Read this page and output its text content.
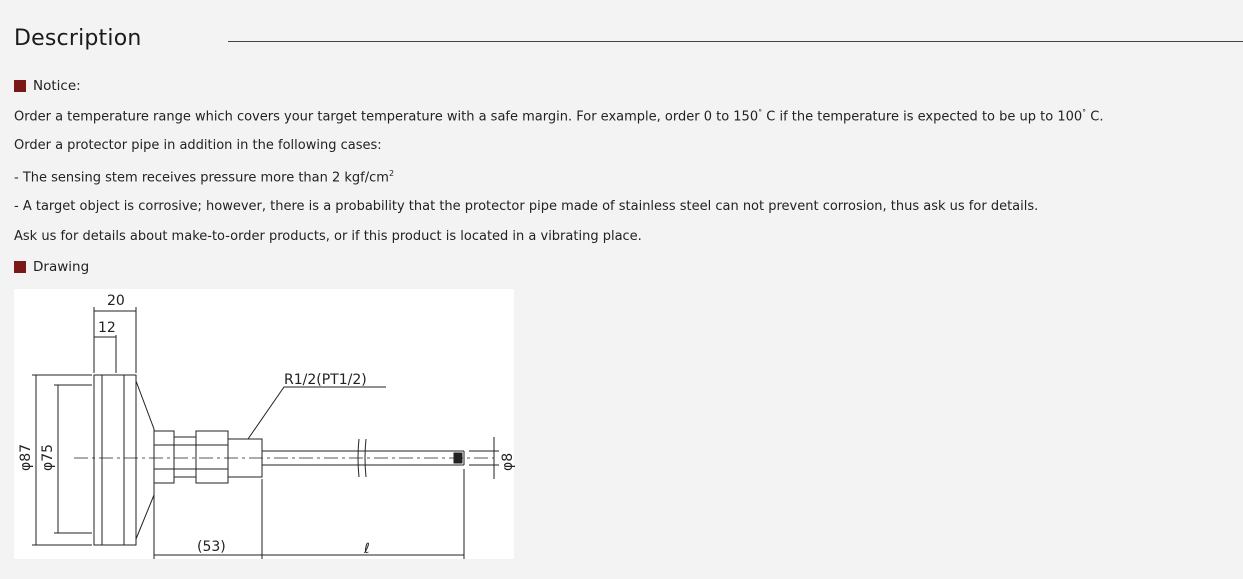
Description
Notice:
Order a temperature range which covers your target temperature with a safe margin. For example, order 0 to 150° C if the temperature is expected to be up to 100° C.
Order a protector pipe in addition in the following cases:
- The sensing stem receives pressure more than 2 kgf/$cm^2$
- A target object is corrosive; however, there is a probability that the protector pipe made of stainless steel can not prevent corrosion, thus ask us for details.
Ask us for details about make-to-order products, or if this product is located in a vibrating place.
Drawing
20
12
R1/2(PT1/2)
φ87 φ75	φ8
(53)	ℓ
